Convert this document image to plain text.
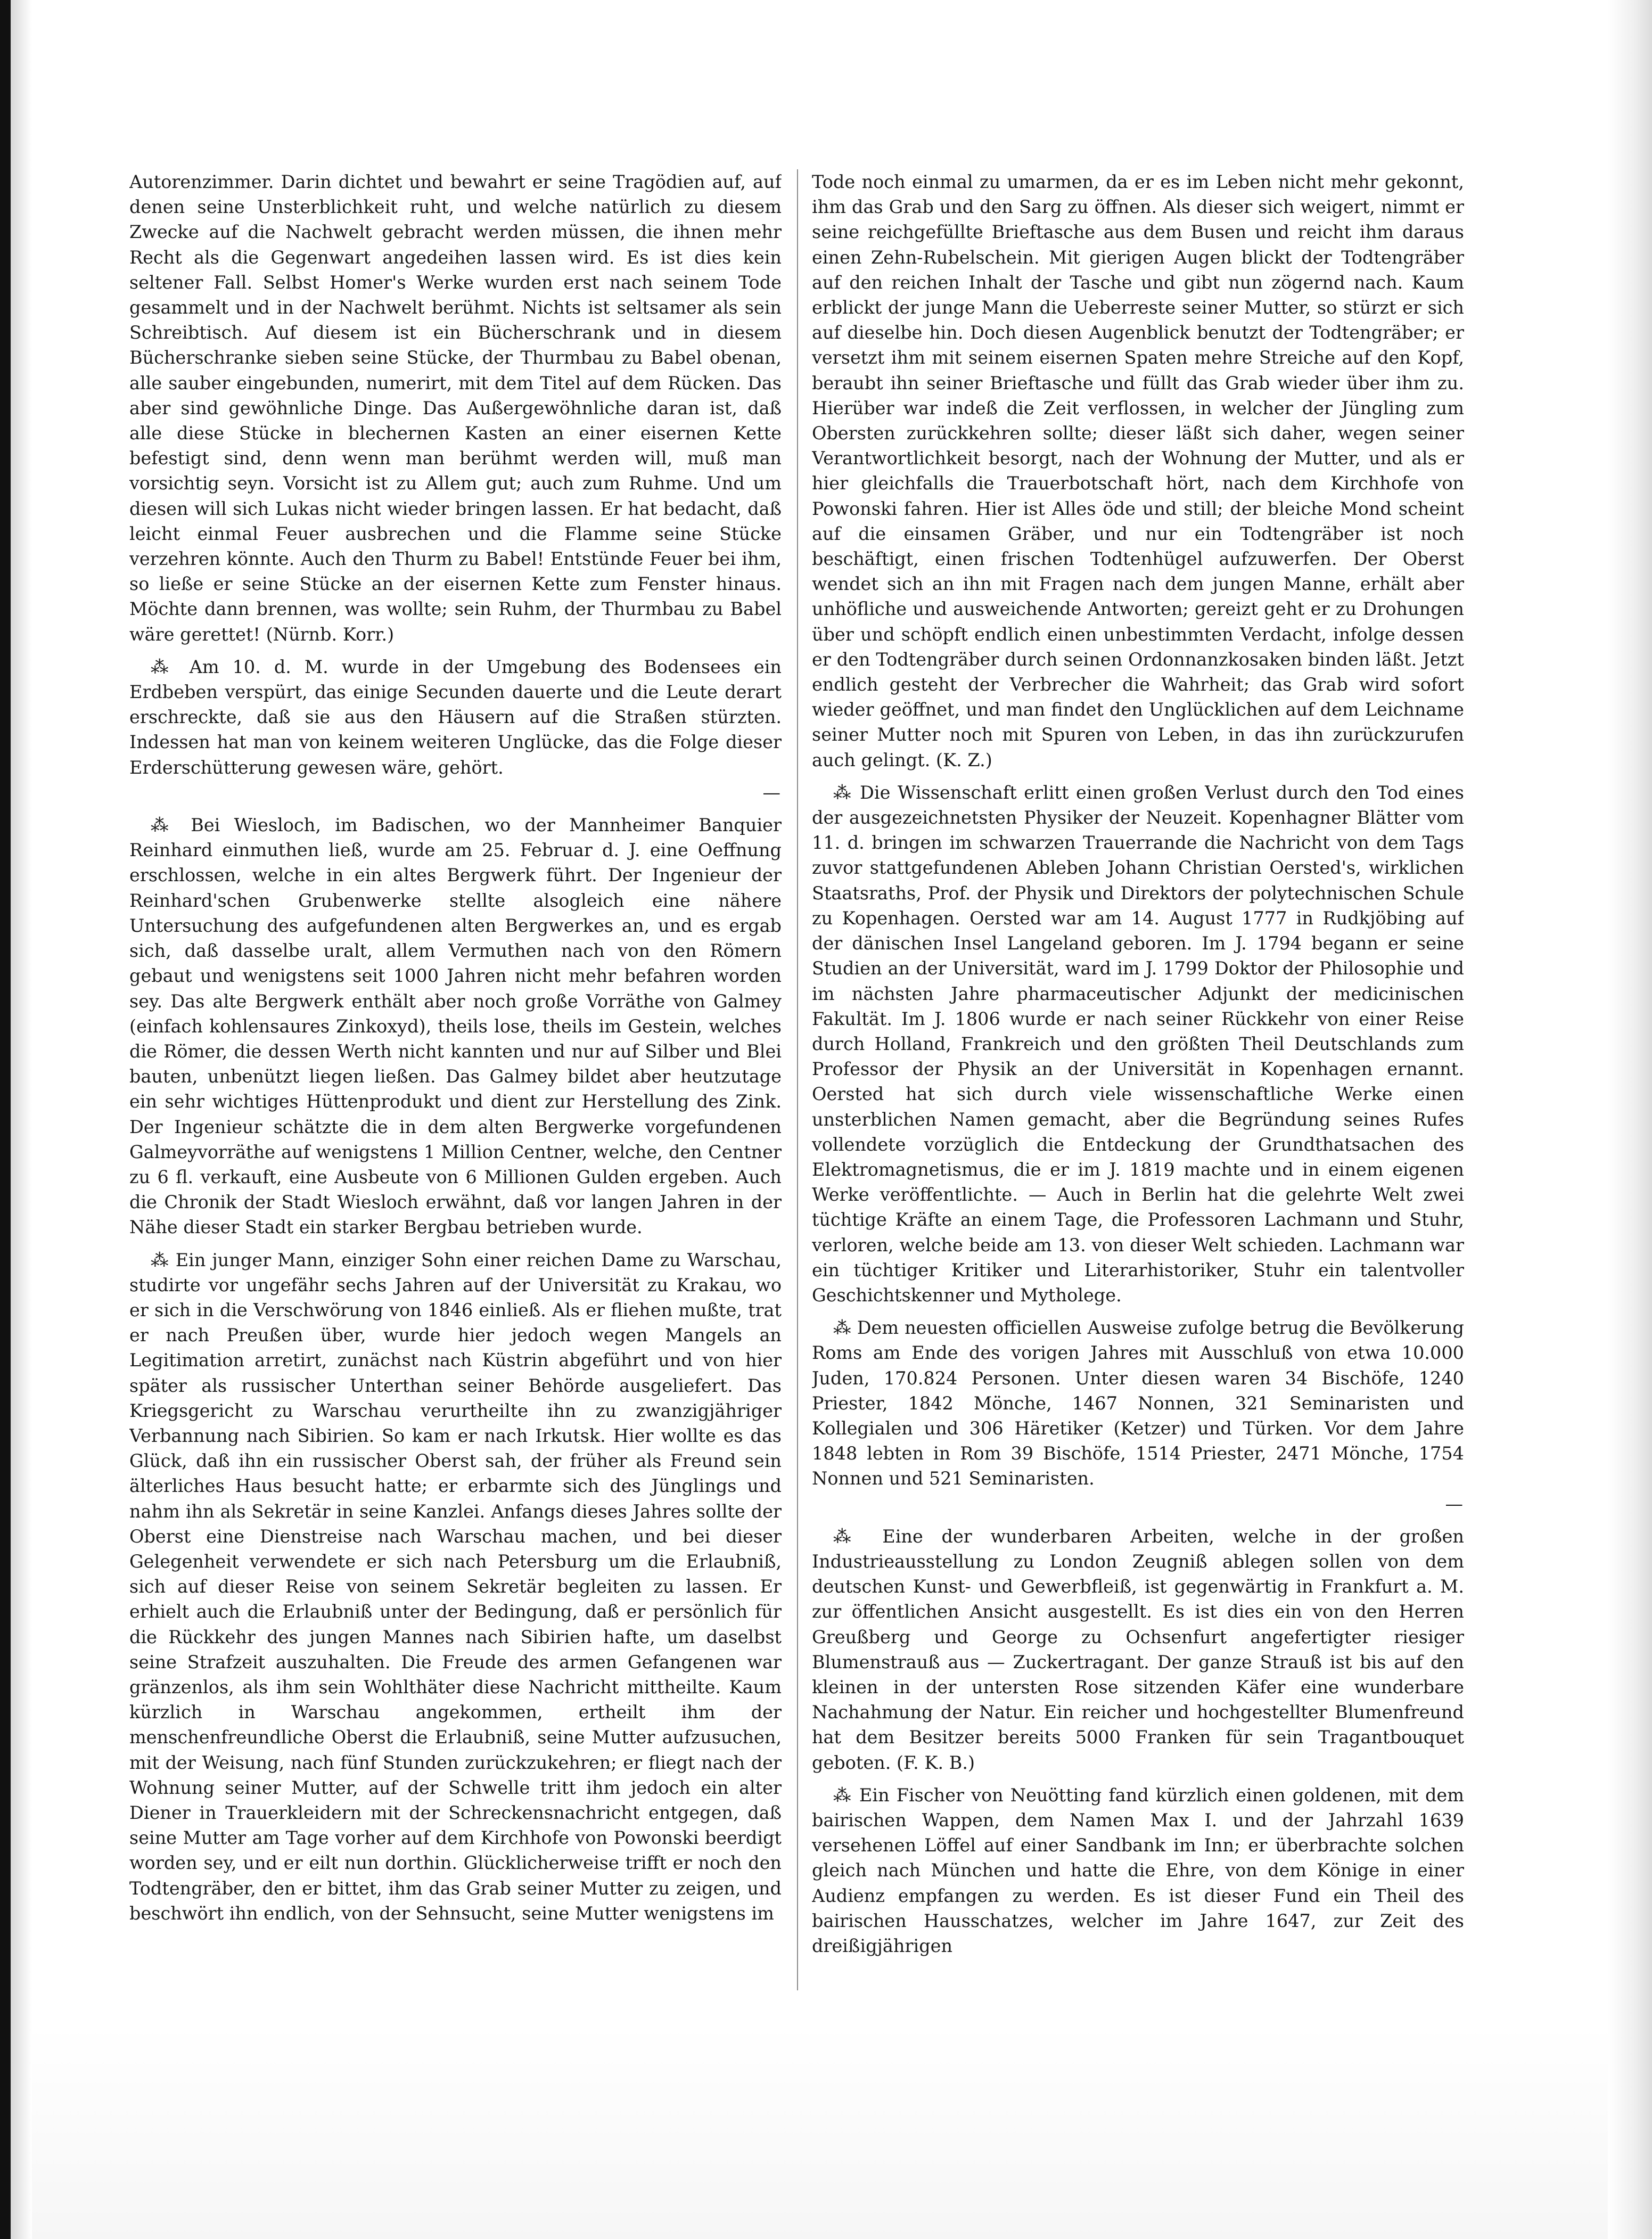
Autorenzimmer. Darin dichtet und bewahrt er seine Tragödien auf, auf denen seine Unsterblichkeit ruht, und welche natürlich zu diesem Zwecke auf die Nachwelt gebracht werden müssen, die ihnen mehr Recht als die Gegenwart angedeihen lassen wird. Es ist dies kein seltener Fall. Selbst Homer's Werke wurden erst nach seinem Tode gesammelt und in der Nachwelt berühmt. Nichts ist seltsamer als sein Schreibtisch. Auf diesem ist ein Bücherschrank und in diesem Bücherschranke sieben seine Stücke, der Thurmbau zu Babel obenan, alle sauber eingebunden, numerirt, mit dem Titel auf dem Rücken. Das aber sind gewöhnliche Dinge. Das Außergewöhnliche daran ist, daß alle diese Stücke in blechernen Kasten an einer eisernen Kette befestigt sind, denn wenn man berühmt werden will, muß man vorsichtig seyn. Vorsicht ist zu Allem gut; auch zum Ruhme. Und um diesen will sich Lukas nicht wieder bringen lassen. Er hat bedacht, daß leicht einmal Feuer ausbrechen und die Flamme seine Stücke verzehren könnte. Auch den Thurm zu Babel! Entstünde Feuer bei ihm, so ließe er seine Stücke an der eisernen Kette zum Fenster hinaus. Möchte dann brennen, was wollte; sein Ruhm, der Thurmbau zu Babel wäre gerettet! (Nürnb. Korr.)

⁂ Am 10. d. M. wurde in der Umgebung des Bodensees ein Erdbeben verspürt, das einige Secunden dauerte und die Leute derart erschreckte, daß sie aus den Häusern auf die Straßen stürzten. Indessen hat man von keinem weiteren Unglücke, das die Folge dieser Erderschütterung gewesen wäre, gehört.

—

⁂ Bei Wiesloch, im Badischen, wo der Mannheimer Banquier Reinhard einmuthen ließ, wurde am 25. Februar d. J. eine Oeffnung erschlossen, welche in ein altes Bergwerk führt. Der Ingenieur der Reinhard'schen Grubenwerke stellte alsogleich eine nähere Untersuchung des aufgefundenen alten Bergwerkes an, und es ergab sich, daß dasselbe uralt, allem Vermuthen nach von den Römern gebaut und wenigstens seit 1000 Jahren nicht mehr befahren worden sey. Das alte Bergwerk enthält aber noch große Vorräthe von Galmey (einfach kohlensaures Zinkoxyd), theils lose, theils im Gestein, welches die Römer, die dessen Werth nicht kannten und nur auf Silber und Blei bauten, unbenützt liegen ließen. Das Galmey bildet aber heutzutage ein sehr wichtiges Hüttenprodukt und dient zur Herstellung des Zink. Der Ingenieur schätzte die in dem alten Bergwerke vorgefundenen Galmeyvorräthe auf wenigstens 1 Million Centner, welche, den Centner zu 6 fl. verkauft, eine Ausbeute von 6 Millionen Gulden ergeben. Auch die Chronik der Stadt Wiesloch erwähnt, daß vor langen Jahren in der Nähe dieser Stadt ein starker Bergbau betrieben wurde.

⁂ Ein junger Mann, einziger Sohn einer reichen Dame zu Warschau, studirte vor ungefähr sechs Jahren auf der Universität zu Krakau, wo er sich in die Verschwörung von 1846 einließ. Als er fliehen mußte, trat er nach Preußen über, wurde hier jedoch wegen Mangels an Legitimation arretirt, zunächst nach Küstrin abgeführt und von hier später als russischer Unterthan seiner Behörde ausgeliefert. Das Kriegsgericht zu Warschau verurtheilte ihn zu zwanzigjähriger Verbannung nach Sibirien. So kam er nach Irkutsk. Hier wollte es das Glück, daß ihn ein russischer Oberst sah, der früher als Freund sein älterliches Haus besucht hatte; er erbarmte sich des Jünglings und nahm ihn als Sekretär in seine Kanzlei. Anfangs dieses Jahres sollte der Oberst eine Dienstreise nach Warschau machen, und bei dieser Gelegenheit verwendete er sich nach Petersburg um die Erlaubniß, sich auf dieser Reise von seinem Sekretär begleiten zu lassen. Er erhielt auch die Erlaubniß unter der Bedingung, daß er persönlich für die Rückkehr des jungen Mannes nach Sibirien hafte, um daselbst seine Strafzeit auszuhalten. Die Freude des armen Gefangenen war gränzenlos, als ihm sein Wohlthäter diese Nachricht mittheilte. Kaum kürzlich in Warschau angekommen, ertheilt ihm der menschenfreundliche Oberst die Erlaubniß, seine Mutter aufzusuchen, mit der Weisung, nach fünf Stunden zurückzukehren; er fliegt nach der Wohnung seiner Mutter, auf der Schwelle tritt ihm jedoch ein alter Diener in Trauerkleidern mit der Schreckensnachricht entgegen, daß seine Mutter am Tage vorher auf dem Kirchhofe von Powonski beerdigt worden sey, und er eilt nun dorthin. Glücklicherweise trifft er noch den Todtengräber, den er bittet, ihm das Grab seiner Mutter zu zeigen, und beschwört ihn endlich, von der Sehnsucht, seine Mutter wenigstens im

Tode noch einmal zu umarmen, da er es im Leben nicht mehr gekonnt, ihm das Grab und den Sarg zu öffnen. Als dieser sich weigert, nimmt er seine reichgefüllte Brieftasche aus dem Busen und reicht ihm daraus einen Zehn-Rubelschein. Mit gierigen Augen blickt der Todtengräber auf den reichen Inhalt der Tasche und gibt nun zögernd nach. Kaum erblickt der junge Mann die Ueberreste seiner Mutter, so stürzt er sich auf dieselbe hin. Doch diesen Augenblick benutzt der Todtengräber; er versetzt ihm mit seinem eisernen Spaten mehre Streiche auf den Kopf, beraubt ihn seiner Brieftasche und füllt das Grab wieder über ihm zu. Hierüber war indeß die Zeit verflossen, in welcher der Jüngling zum Obersten zurückkehren sollte; dieser läßt sich daher, wegen seiner Verantwortlichkeit besorgt, nach der Wohnung der Mutter, und als er hier gleichfalls die Trauerbotschaft hört, nach dem Kirchhofe von Powonski fahren. Hier ist Alles öde und still; der bleiche Mond scheint auf die einsamen Gräber, und nur ein Todtengräber ist noch beschäftigt, einen frischen Todtenhügel aufzuwerfen. Der Oberst wendet sich an ihn mit Fragen nach dem jungen Manne, erhält aber unhöfliche und ausweichende Antworten; gereizt geht er zu Drohungen über und schöpft endlich einen unbestimmten Verdacht, infolge dessen er den Todtengräber durch seinen Ordonnanzkosaken binden läßt. Jetzt endlich gesteht der Verbrecher die Wahrheit; das Grab wird sofort wieder geöffnet, und man findet den Unglücklichen auf dem Leichname seiner Mutter noch mit Spuren von Leben, in das ihn zurückzurufen auch gelingt. (K. Z.)

⁂ Die Wissenschaft erlitt einen großen Verlust durch den Tod eines der ausgezeichnetsten Physiker der Neuzeit. Kopenhagner Blätter vom 11. d. bringen im schwarzen Trauerrande die Nachricht von dem Tags zuvor stattgefundenen Ableben Johann Christian Oersted's, wirklichen Staatsraths, Prof. der Physik und Direktors der polytechnischen Schule zu Kopenhagen. Oersted war am 14. August 1777 in Rudkjöbing auf der dänischen Insel Langeland geboren. Im J. 1794 begann er seine Studien an der Universität, ward im J. 1799 Doktor der Philosophie und im nächsten Jahre pharmaceutischer Adjunkt der medicinischen Fakultät. Im J. 1806 wurde er nach seiner Rückkehr von einer Reise durch Holland, Frankreich und den größten Theil Deutschlands zum Professor der Physik an der Universität in Kopenhagen ernannt. Oersted hat sich durch viele wissenschaftliche Werke einen unsterblichen Namen gemacht, aber die Begründung seines Rufes vollendete vorzüglich die Entdeckung der Grundthatsachen des Elektromagnetismus, die er im J. 1819 machte und in einem eigenen Werke veröffentlichte. — Auch in Berlin hat die gelehrte Welt zwei tüchtige Kräfte an einem Tage, die Professoren Lachmann und Stuhr, verloren, welche beide am 13. von dieser Welt schieden. Lachmann war ein tüchtiger Kritiker und Literarhistoriker, Stuhr ein talentvoller Geschichtskenner und Mytholege.

⁂ Dem neuesten officiellen Ausweise zufolge betrug die Bevölkerung Roms am Ende des vorigen Jahres mit Ausschluß von etwa 10.000 Juden, 170.824 Personen. Unter diesen waren 34 Bischöfe, 1240 Priester, 1842 Mönche, 1467 Nonnen, 321 Seminaristen und Kollegialen und 306 Häretiker (Ketzer) und Türken. Vor dem Jahre 1848 lebten in Rom 39 Bischöfe, 1514 Priester, 2471 Mönche, 1754 Nonnen und 521 Seminaristen.

—

⁂ Eine der wunderbaren Arbeiten, welche in der großen Industrieausstellung zu London Zeugniß ablegen sollen von dem deutschen Kunst- und Gewerbfleiß, ist gegenwärtig in Frankfurt a. M. zur öffentlichen Ansicht ausgestellt. Es ist dies ein von den Herren Greußberg und George zu Ochsenfurt angefertigter riesiger Blumenstrauß aus — Zuckertragant. Der ganze Strauß ist bis auf den kleinen in der untersten Rose sitzenden Käfer eine wunderbare Nachahmung der Natur. Ein reicher und hochgestellter Blumenfreund hat dem Besitzer bereits 5000 Franken für sein Tragantbouquet geboten. (F. K. B.)

⁂ Ein Fischer von Neuötting fand kürzlich einen goldenen, mit dem bairischen Wappen, dem Namen Max I. und der Jahrzahl 1639 versehenen Löffel auf einer Sandbank im Inn; er überbrachte solchen gleich nach München und hatte die Ehre, von dem Könige in einer Audienz empfangen zu werden. Es ist dieser Fund ein Theil des bairischen Hausschatzes, welcher im Jahre 1647, zur Zeit des dreißigjährigen
